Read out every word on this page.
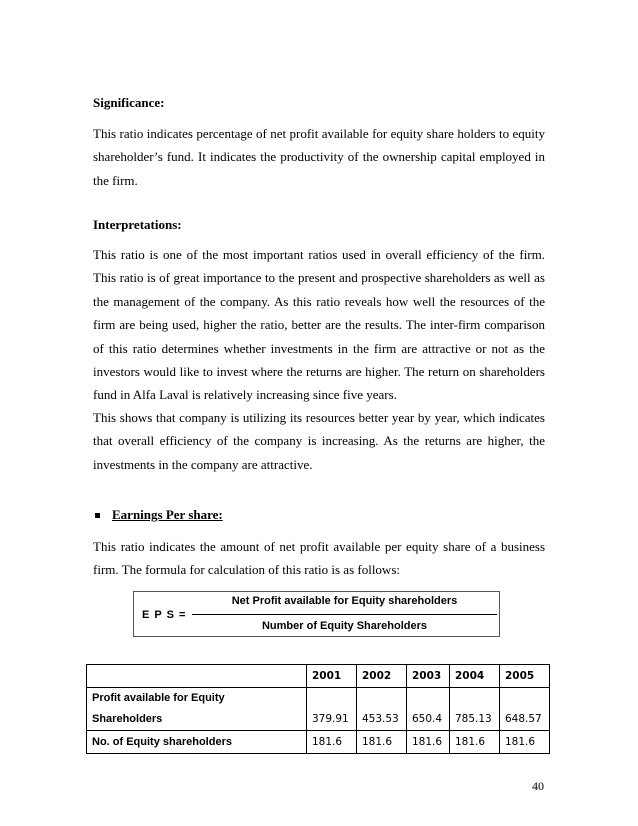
Significance:

This ratio indicates percentage of net profit available for equity share holders to equity shareholder’s fund. It indicates the productivity of the ownership capital employed in the firm.

Interpretations:

This ratio is one of the most important ratios used in overall efficiency of the firm. This ratio is of great importance to the present and prospective shareholders as well as the management of the company. As this ratio reveals how well the resources of the firm are being used, higher the ratio, better are the results. The inter-firm comparison of this ratio determines whether investments in the firm are attractive or not as the investors would like to invest where the returns are higher. The return on shareholders fund in Alfa Laval is relatively increasing since five years.

This shows that company is utilizing its resources better year by year, which indicates that overall efficiency of the company is increasing. As the returns are higher, the investments in the company are attractive.

Earnings Per share:

This ratio indicates the amount of net profit available per equity share of a business firm. The formula for calculation of this ratio is as follows:

E P S =
Net Profit available for Equity shareholders
Number of Equity Shareholders
	2001	2002	2003	2004	2005
Profit available for Equity					
Shareholders	379.91	453.53	650.4	785.13	648.57
No. of Equity shareholders	181.6	181.6	181.6	181.6	181.6
40
